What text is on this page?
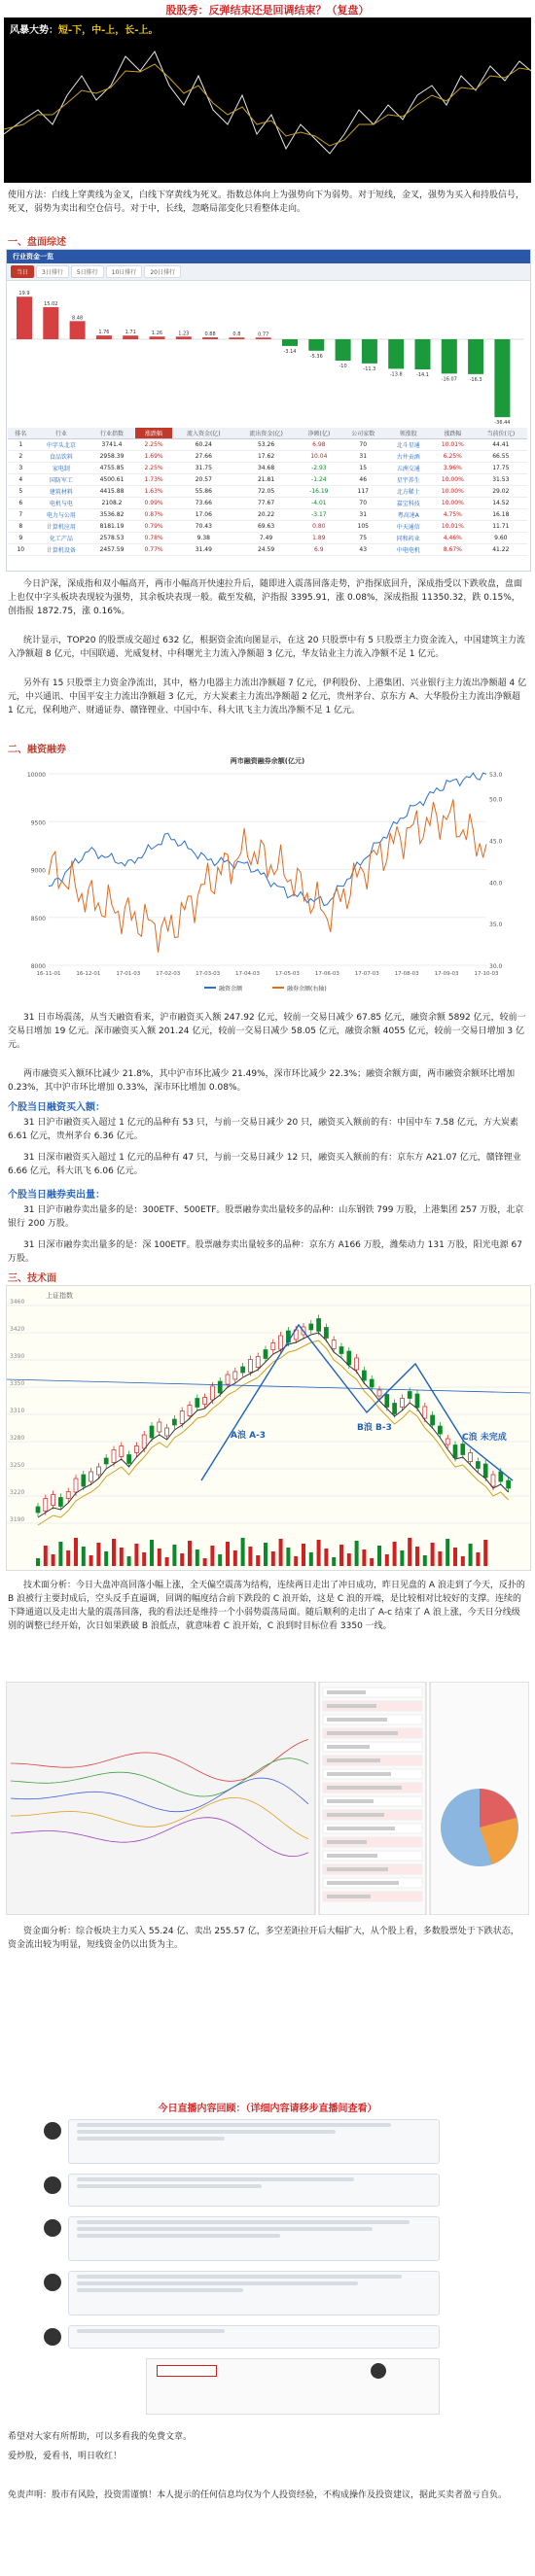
股股秀：反弹结束还是回调结束？（复盘）
风暴大势：短-下，中-上，长-上。
使用方法：白线上穿黄线为金叉，白线下穿黄线为死叉。指数总体向上为强势向下为弱势。对于短线，金叉，强势为买入和持股信号，死叉，弱势为卖出和空仓信号。对于中，长线，忽略局部变化只看整体走向。
一、盘面综述
行业资金一览
当日	3日排行	5日排行	10日排行	20日排行
19.9
15.02
8.48
1.76	1.71	1.26	1.23	0.88	0.8	0.77
-3.14
-5.36
-10	-11.3
-13.8	-14.1
-16.07	-16.3
-36.44
排名	行业	行业指数	涨跌幅	流入资金(亿)	流出资金(亿)	净额(亿)	公司家数	领涨股	涨跌幅	当前价(元)
1	中字头北京	3741.4	2.25%	60.24	53.26	6.98	70	北斗星通	10.01%	44.41
2	食品饮料	2958.39	1.69%	27.66	17.62	10.04	31	古井贡酒	6.25%	66.55
3	家电制	4755.85	2.25%	31.75	34.68	-2.93	15	五洲交通	3.96%	17.75
4	国防军工	4500.61	1.73%	20.57	21.81	-1.24	46	星宇养生	10.00%	31.53
5	建筑材料	4415.88	1.63%	55.86	72.05	-16.19	117	北方稀土	10.00%	29.02
6	电机与电	2108.2	0.99%	73.66	77.67	-4.01	70	嘉宝科技	10.00%	14.52
7	电力与公用	3536.82	0.87%	17.06	20.22	-3.17	31	粤高速A	4.75%	16.18
8	计算机应用	8181.19	0.79%	70.43	69.63	0.80	105	中天通信	10.01%	11.71
9	化工产品	2578.53	0.78%	9.38	7.49	1.89	75	同和药业	4.46%	9.60
10	计算机设备	2457.59	0.77%	31.49	24.59	6.9	43	中电电机	8.67%	41.22
今日沪深，深成指和双小幅高开，两市小幅高开快速拉升后，随即进入震荡回落走势，沪指探底回升，深成指受以下跌收盘，盘面上也仅中字头板块表现较为强势，其余板块表现一般。截至发稿，沪指报 3395.91，涨 0.08%，深成指报 11350.32，跌 0.15%，创指报 1872.75，涨 0.16%。
统计显示，TOP20 的股票成交超过 632 亿，根据资金流向图显示，在这 20 只股票中有 5 只股票主力资金流入，中国建筑主力流入净额超 8 亿元，中国联通、光威复材、中科曙光主力流入净额超 3 亿元，华友钴业主力流入净额不足 1 亿元。
另外有 15 只股票主力资金净流出，其中，格力电器主力流出净额超 7 亿元，伊利股份、上港集团、兴业银行主力流出净额超 4 亿元，中兴通讯、中国平安主力流出净额超 3 亿元，方大炭素主力流出净额超 2 亿元，贵州茅台、京东方 A、大华股份主力流出净额超 1 亿元，保利地产、财通证券、赣锋锂业、中国中车、科大讯飞主力流出净额不足 1 亿元。
二、融资融券
两市融资融券余额(亿元)
8000
8500
9000
9500
10000
30.0
35.0
40.0
45.0
50.0
53.0
16-11-01	16-12-01	17-01-03	17-02-03	17-03-03	17-04-03	17-05-03	17-06-03	17-07-03	17-08-03	17-09-03	17-10-03
融资余额	融券余额(右轴)
31 日市场震荡，从当天融资看来，沪市融资买入额 247.92 亿元，较前一交易日减少 67.85 亿元，融资余额 5892 亿元，较前一交易日增加 19 亿元。深市融资买入额 201.24 亿元，较前一交易日减少 58.05 亿元，融资余额 4055 亿元，较前一交易日增加 3 亿元。
两市融资买入额环比减少 21.8%，其中沪市环比减少 21.49%，深市环比减少 22.3%；融资余额方面，两市融资余额环比增加 0.23%，其中沪市环比增加 0.33%，深市环比增加 0.08%。
个股当日融资买入额：
31 日沪市融资买入超过 1 亿元的品种有 53 只，与前一交易日减少 20 只，融资买入额前的有：中国中车 7.58 亿元，方大炭素 6.61 亿元，贵州茅台 6.36 亿元。
31 日深市融资买入超过 1 亿元的品种有 47 只，与前一交易日减少 12 只，融资买入额前的有：京东方 A21.07 亿元，赣锋锂业 6.66 亿元，科大讯飞 6.06 亿元。
个股当日融券卖出量：
31 日沪市融券卖出量多的是：300ETF、500ETF。股票融券卖出量较多的品种：山东钢铁 799 万股，上港集团 257 万股，北京银行 200 万股。
31 日深市融券卖出量多的是：深 100ETF。股票融券卖出量较多的品种：京东方 A166 万股，潍柴动力 131 万股，阳光电源 67 万股。
三、技术面
3460
3420
3390
3350
3310
3280
3250
3220
3190
上证指数
A浪 A-3
B浪 B-3
C浪 未完成
技术面分析：今日大盘冲高回落小幅上涨，全天偏空震荡为结构，连续两日走出了冲日成功，昨日见盘的 A 浪走到了今天，反扑的 B 浪被行主要封成后，空头反手直逼调，回调的幅度结合前下跌段的 C 浪开始，这是 C 浪的开端，是比较相对比较好的支撑。连续的下降通道以及走出大量的震荡回落，我的看法还是维持一个小弱势震荡局面。随后顺利的走出了 A-c 结束了 A 浪上涨，今天日分线级别的调整已经开始，次日如果跌破 B 浪低点，就意味着 C 浪开始，C 浪到时目标位看 3350 一线。
资金面分析：综合板块主力买入 55.24 亿、卖出 255.57 亿，多空差距拉开后大幅扩大，从个股上看，多数股票处于下跌状态，资金流出较为明显，短线资金仍以出货为主。
今日直播内容回顾：（详细内容请移步直播间查看）
希望对大家有所帮助，可以多看我的免费文章。
爱炒股，爱看书，明日收红！
免责声明：股市有风险，投资需谨慎！本人提示的任何信息均仅为个人投资经验，不构成操作及投资建议，据此买卖者盈亏自负。
